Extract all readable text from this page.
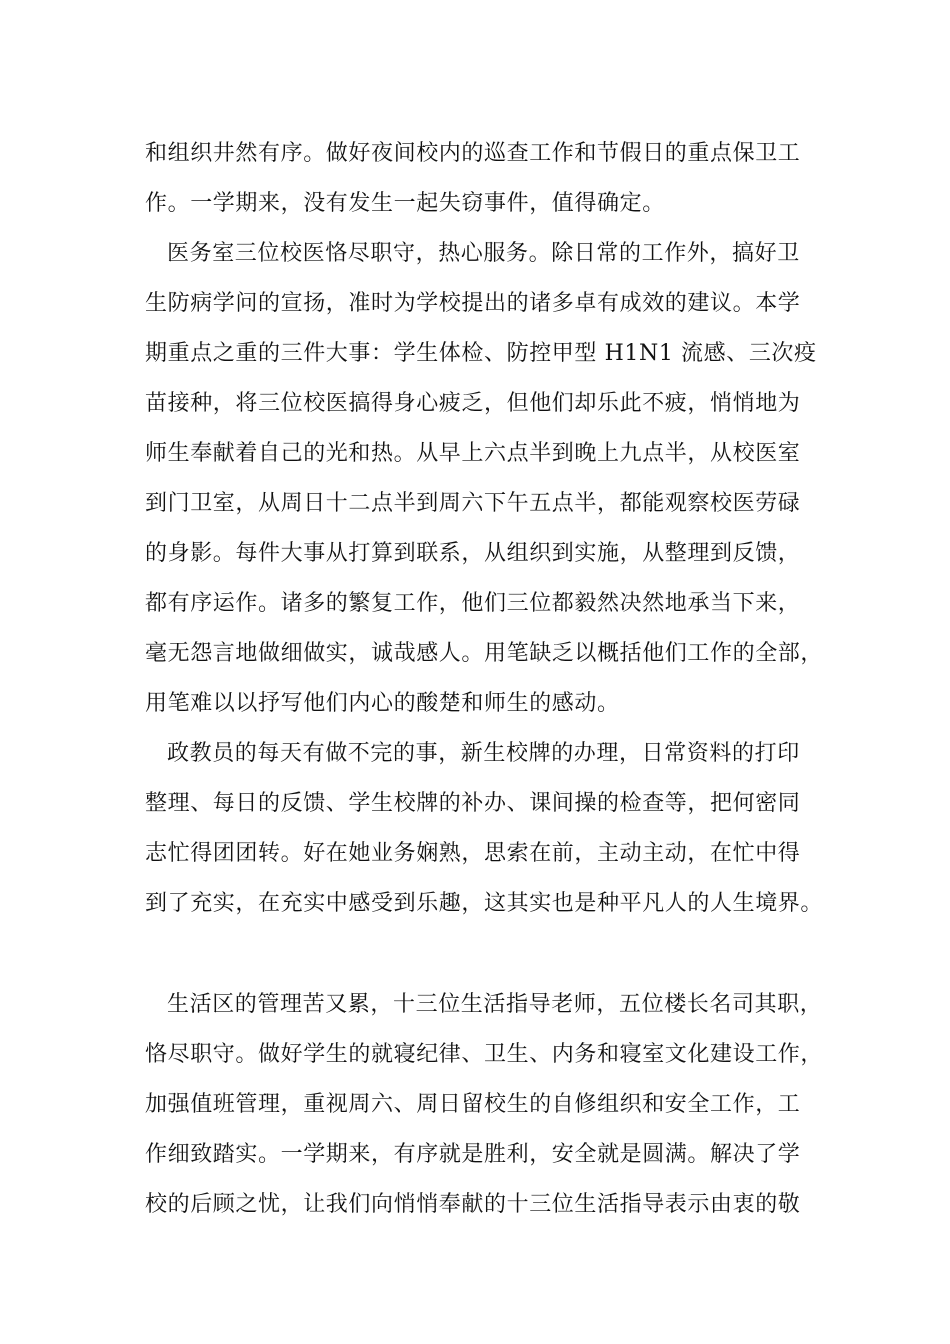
和组织井然有序。做好夜间校内的巡查工作和节假日的重点保卫工
作。一学期来，没有发生一起失窃事件，值得确定。
医务室三位校医恪尽职守，热心服务。除日常的工作外，搞好卫
生防病学问的宣扬，准时为学校提出的诸多卓有成效的建议。本学
期重点之重的三件大事：学生体检、防控甲型 H1N1 流感、三次疫
苗接种，将三位校医搞得身心疲乏，但他们却乐此不疲，悄悄地为
师生奉献着自己的光和热。从早上六点半到晚上九点半，从校医室
到门卫室，从周日十二点半到周六下午五点半，都能观察校医劳碌
的身影。每件大事从打算到联系，从组织到实施，从整理到反馈，
都有序运作。诸多的繁复工作，他们三位都毅然决然地承当下来，
毫无怨言地做细做实，诚哉感人。用笔缺乏以概括他们工作的全部，
用笔难以以抒写他们内心的酸楚和师生的感动。
政教员的每天有做不完的事，新生校牌的办理，日常资料的打印
整理、每日的反馈、学生校牌的补办、课间操的检查等，把何密同
志忙得团团转。好在她业务娴熟，思索在前，主动主动，在忙中得
到了充实，在充实中感受到乐趣，这其实也是种平凡人的人生境界。
生活区的管理苦又累，十三位生活指导老师，五位楼长名司其职，
恪尽职守。做好学生的就寝纪律、卫生、内务和寝室文化建设工作，
加强值班管理，重视周六、周日留校生的自修组织和安全工作，工
作细致踏实。一学期来，有序就是胜利，安全就是圆满。解决了学
校的后顾之忧，让我们向悄悄奉献的十三位生活指导表示由衷的敬
